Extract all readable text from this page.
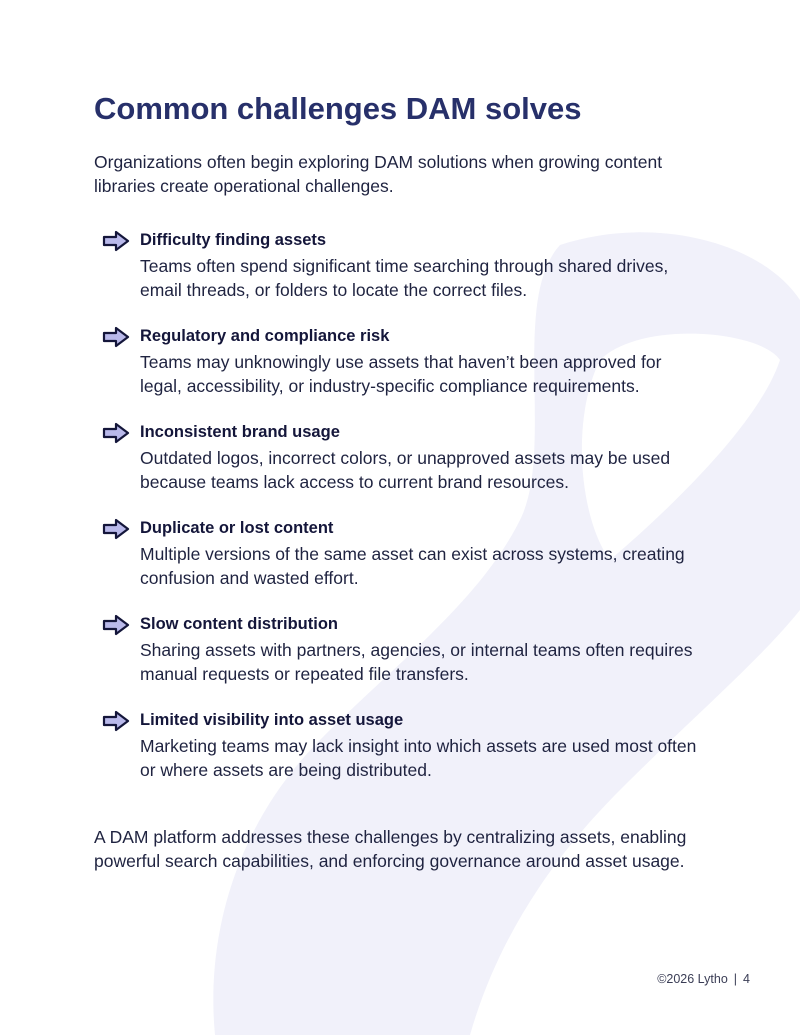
Common challenges DAM solves

Organizations often begin exploring DAM solutions when growing content libraries create operational challenges.

Difficulty finding assets

Teams often spend significant time searching through shared drives, email threads, or folders to locate the correct files.

Regulatory and compliance risk

Teams may unknowingly use assets that haven’t been approved for legal, accessibility, or industry-specific compliance requirements.

Inconsistent brand usage

Outdated logos, incorrect colors, or unapproved assets may be used because teams lack access to current brand resources.

Duplicate or lost content

Multiple versions of the same asset can exist across systems, creating confusion and wasted effort.

Slow content distribution

Sharing assets with partners, agencies, or internal teams often requires manual requests or repeated file transfers.

Limited visibility into asset usage

Marketing teams may lack insight into which assets are used most often or where assets are being distributed.

A DAM platform addresses these challenges by centralizing assets, enabling powerful search capabilities, and enforcing governance around asset usage.

©2026 Lytho | 4
